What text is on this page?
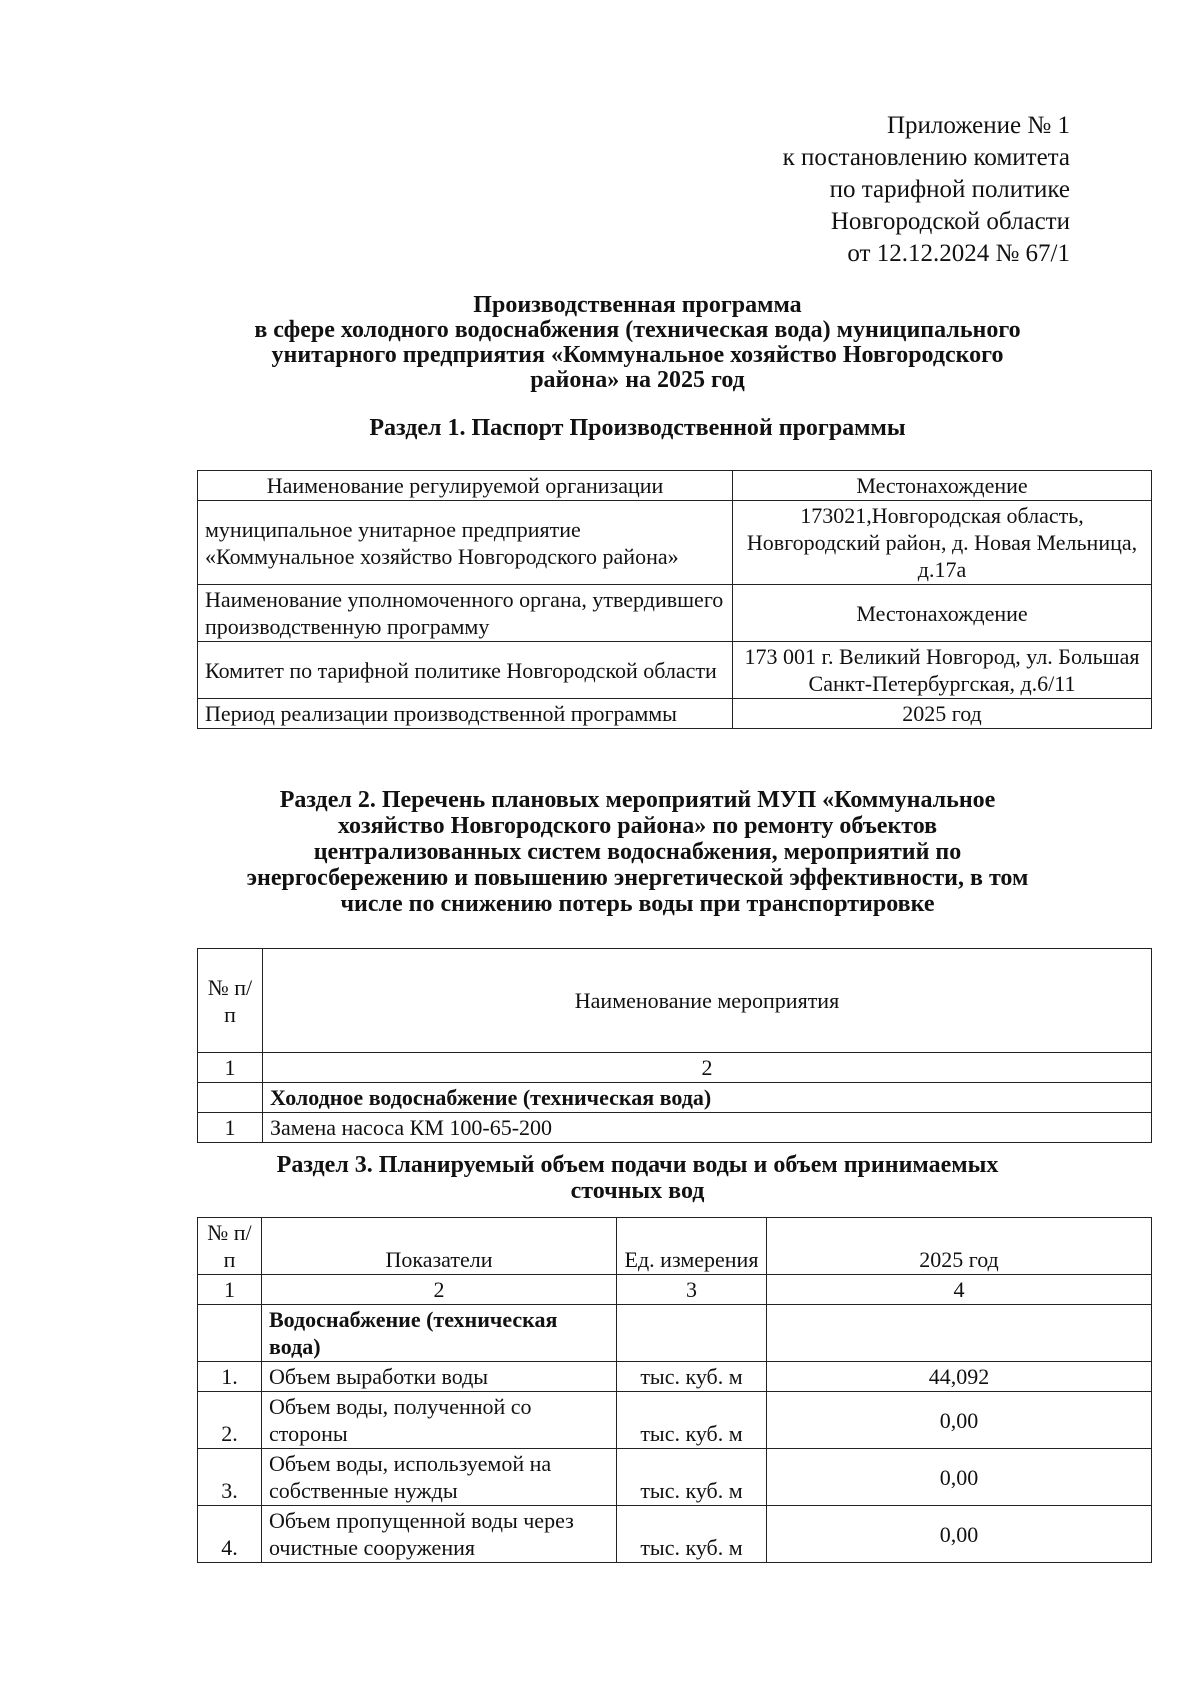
Приложение № 1
к постановлению комитета
по тарифной политике
Новгородской области
от 12.12.2024 № 67/1
Производственная программа
в сфере холодного водоснабжения (техническая вода) муниципального
унитарного предприятия «Коммунальное хозяйство Новгородского
района» на 2025 год
Раздел 1. Паспорт Производственной программы
Наименование регулируемой организации	Местонахождение
муниципальное унитарное предприятие «Коммунальное хозяйство Новгородского района»	173021,Новгородская область, Новгородский район, д. Новая Мельница, д.17а
Наименование уполномоченного органа, утвердившего производственную программу	Местонахождение
Комитет по тарифной политике Новгородской области	173 001 г. Великий Новгород, ул. Большая Санкт-Петербургская, д.6/11
Период реализации производственной программы	2025 год
Раздел 2. Перечень плановых мероприятий МУП «Коммунальное
хозяйство Новгородского района» по ремонту объектов
централизованных систем водоснабжения, мероприятий по
энергосбережению и повышению энергетической эффективности, в том
числе по снижению потерь воды при транспортировке
№ п/п	Наименование мероприятия
1	2
	Холодное водоснабжение (техническая вода)
1	Замена насоса КМ 100-65-200
Раздел 3. Планируемый объем подачи воды и объем принимаемых
сточных вод
№ п/п	Показатели	Ед. измерения	2025 год
1	2	3	4
	Водоснабжение (техническая вода)		
1.	Объем выработки воды	тыс. куб. м	44,092
2.	Объем воды, полученной со стороны	тыс. куб. м	0,00
3.	Объем воды, используемой на собственные нужды	тыс. куб. м	0,00
4.	Объем пропущенной воды через очистные сооружения	тыс. куб. м	0,00
